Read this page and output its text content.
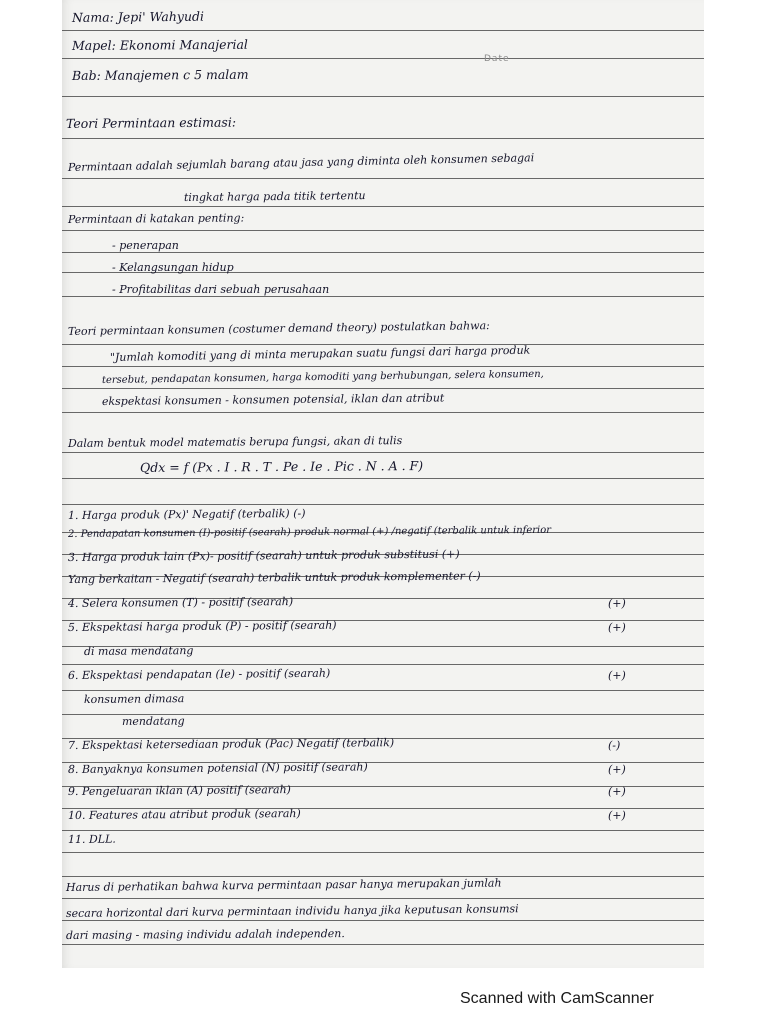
Date
Nama: Jepi' Wahyudi
Mapel: Ekonomi Manajerial
Bab: Manajemen c 5 malam
Teori Permintaan estimasi:
Permintaan adalah sejumlah barang atau jasa yang diminta oleh konsumen sebagai
tingkat harga pada titik tertentu
Permintaan di katakan penting:
- penerapan
- Kelangsungan hidup
- Profitabilitas dari sebuah perusahaan
Teori permintaan konsumen (costumer demand theory) postulatkan bahwa:
"Jumlah komoditi yang di minta merupakan suatu fungsi dari harga produk
tersebut, pendapatan konsumen, harga komoditi yang berhubungan, selera konsumen,
ekspektasi konsumen - konsumen potensial, iklan dan atribut
Dalam bentuk model matematis berupa fungsi, akan di tulis
Qdx = f (Px . I . R . T . Pe . Ie . Pic . N . A . F)
1. Harga produk (Px)' Negatif (terbalik) (-)
2. Pendapatan konsumen (I)-positif (searah) produk normal (+) /negatif (terbalik untuk inferior
3. Harga produk lain (Px)- positif (searah) untuk produk substitusi (+)
Yang berkaitan - Negatif (searah) terbalik untuk produk komplementer (-)
4. Selera konsumen (T) - positif (searah)	(+)
5. Ekspektasi harga produk (P) - positif (searah)	(+)
di masa mendatang
6. Ekspektasi pendapatan (Ie) - positif (searah)	(+)
konsumen dimasa
mendatang
7. Ekspektasi ketersediaan produk (Pac) Negatif (terbalik)	(-)
8. Banyaknya konsumen potensial (N) positif (searah)	(+)
9. Pengeluaran iklan (A) positif (searah)	(+)
10. Features atau atribut produk (searah)	(+)
11. DLL.
Harus di perhatikan bahwa kurva permintaan pasar hanya merupakan jumlah
secara horizontal dari kurva permintaan individu hanya jika keputusan konsumsi
dari masing - masing individu adalah independen.
Scanned with CamScanner
